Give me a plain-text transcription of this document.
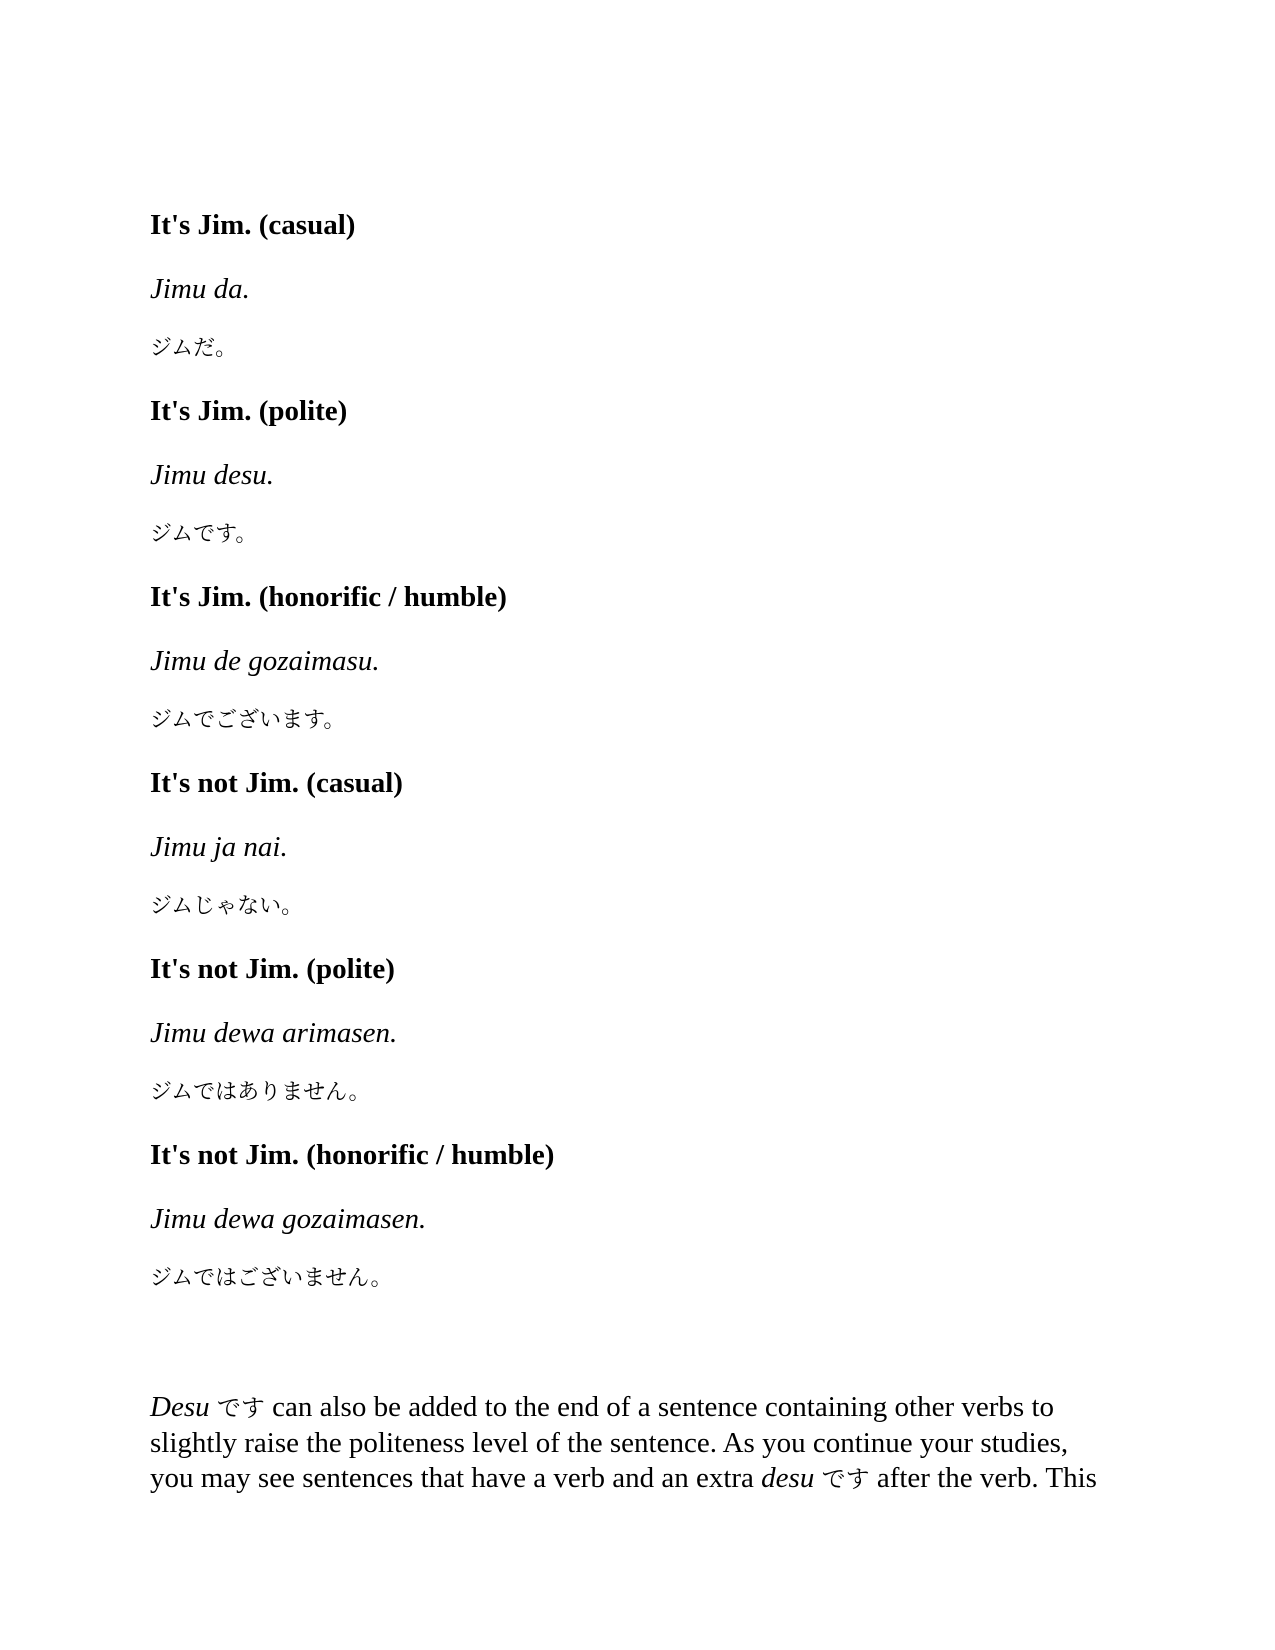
It's Jim. (casual)

Jimu da.

ジムだ。

It's Jim. (polite)

Jimu desu.

ジムです。

It's Jim. (honorific / humble)

Jimu de gozaimasu.

ジムでございます。

It's not Jim. (casual)

Jimu ja nai.

ジムじゃない。

It's not Jim. (polite)

Jimu dewa arimasen.

ジムではありません。

It's not Jim. (honorific / humble)

Jimu dewa gozaimasen.

ジムではございません。

Desu です can also be added to the end of a sentence containing other verbs to
slightly raise the politeness level of the sentence. As you continue your studies,
you may see sentences that have a verb and an extra desu です after the verb. This
